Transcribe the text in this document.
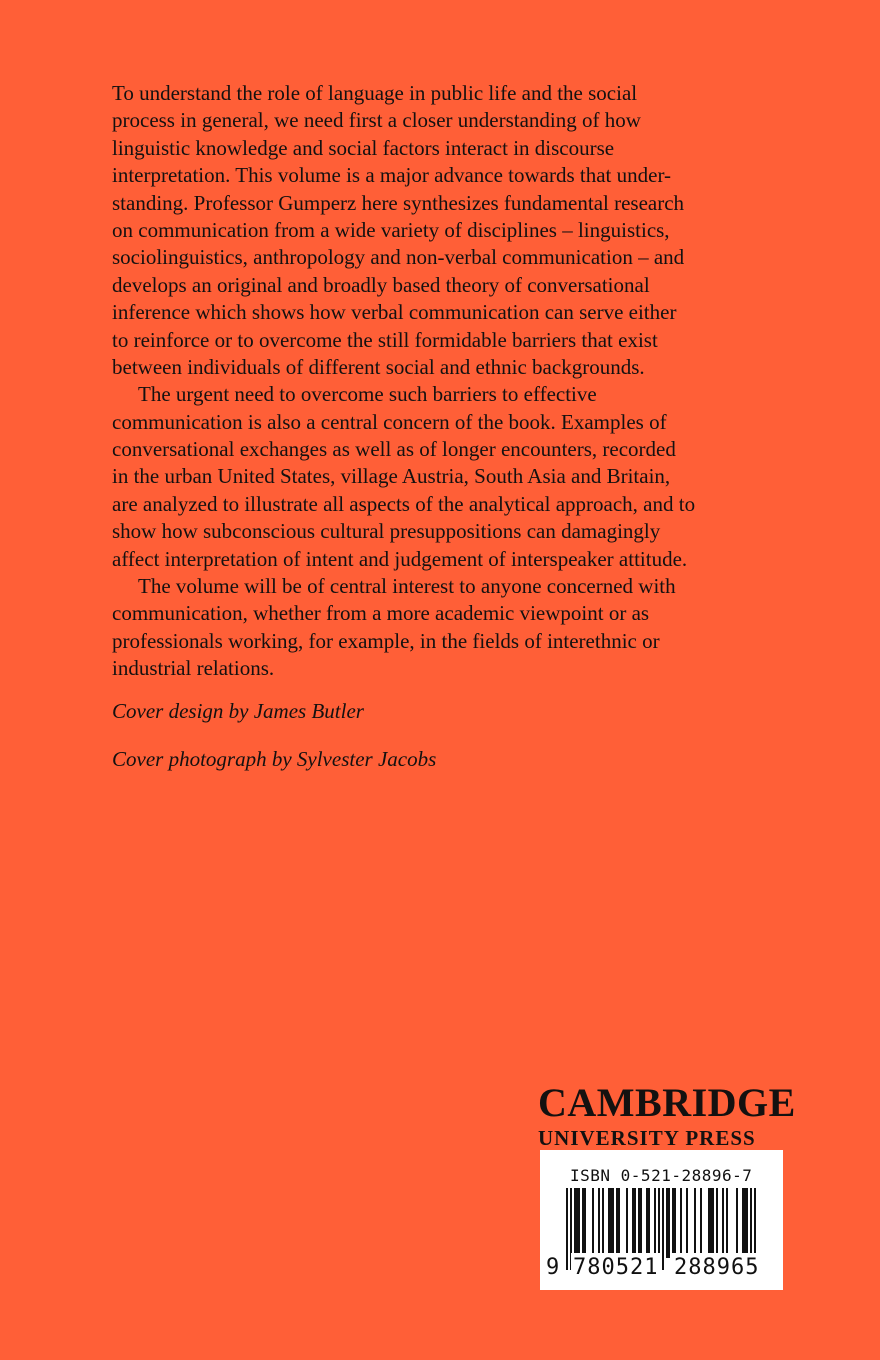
To understand the role of language in public life and the social
process in general, we need first a closer understanding of how
linguistic knowledge and social factors interact in discourse
interpretation. This volume is a major advance towards that under-
standing. Professor Gumperz here synthesizes fundamental research
on communication from a wide variety of disciplines – linguistics,
sociolinguistics, anthropology and non-verbal communication – and
develops an original and broadly based theory of conversational
inference which shows how verbal communication can serve either
to reinforce or to overcome the still formidable barriers that exist
between individuals of different social and ethnic backgrounds.
The urgent need to overcome such barriers to effective
communication is also a central concern of the book. Examples of
conversational exchanges as well as of longer encounters, recorded
in the urban United States, village Austria, South Asia and Britain,
are analyzed to illustrate all aspects of the analytical approach, and to
show how subconscious cultural presuppositions can damagingly
affect interpretation of intent and judgement of interspeaker attitude.
The volume will be of central interest to anyone concerned with
communication, whether from a more academic viewpoint or as
professionals working, for example, in the fields of interethnic or
industrial relations.
Cover design by James Butler
Cover photograph by Sylvester Jacobs
CAMBRIDGE
UNIVERSITY PRESS
ISBN 0-521-28896-7
9 780521 288965
